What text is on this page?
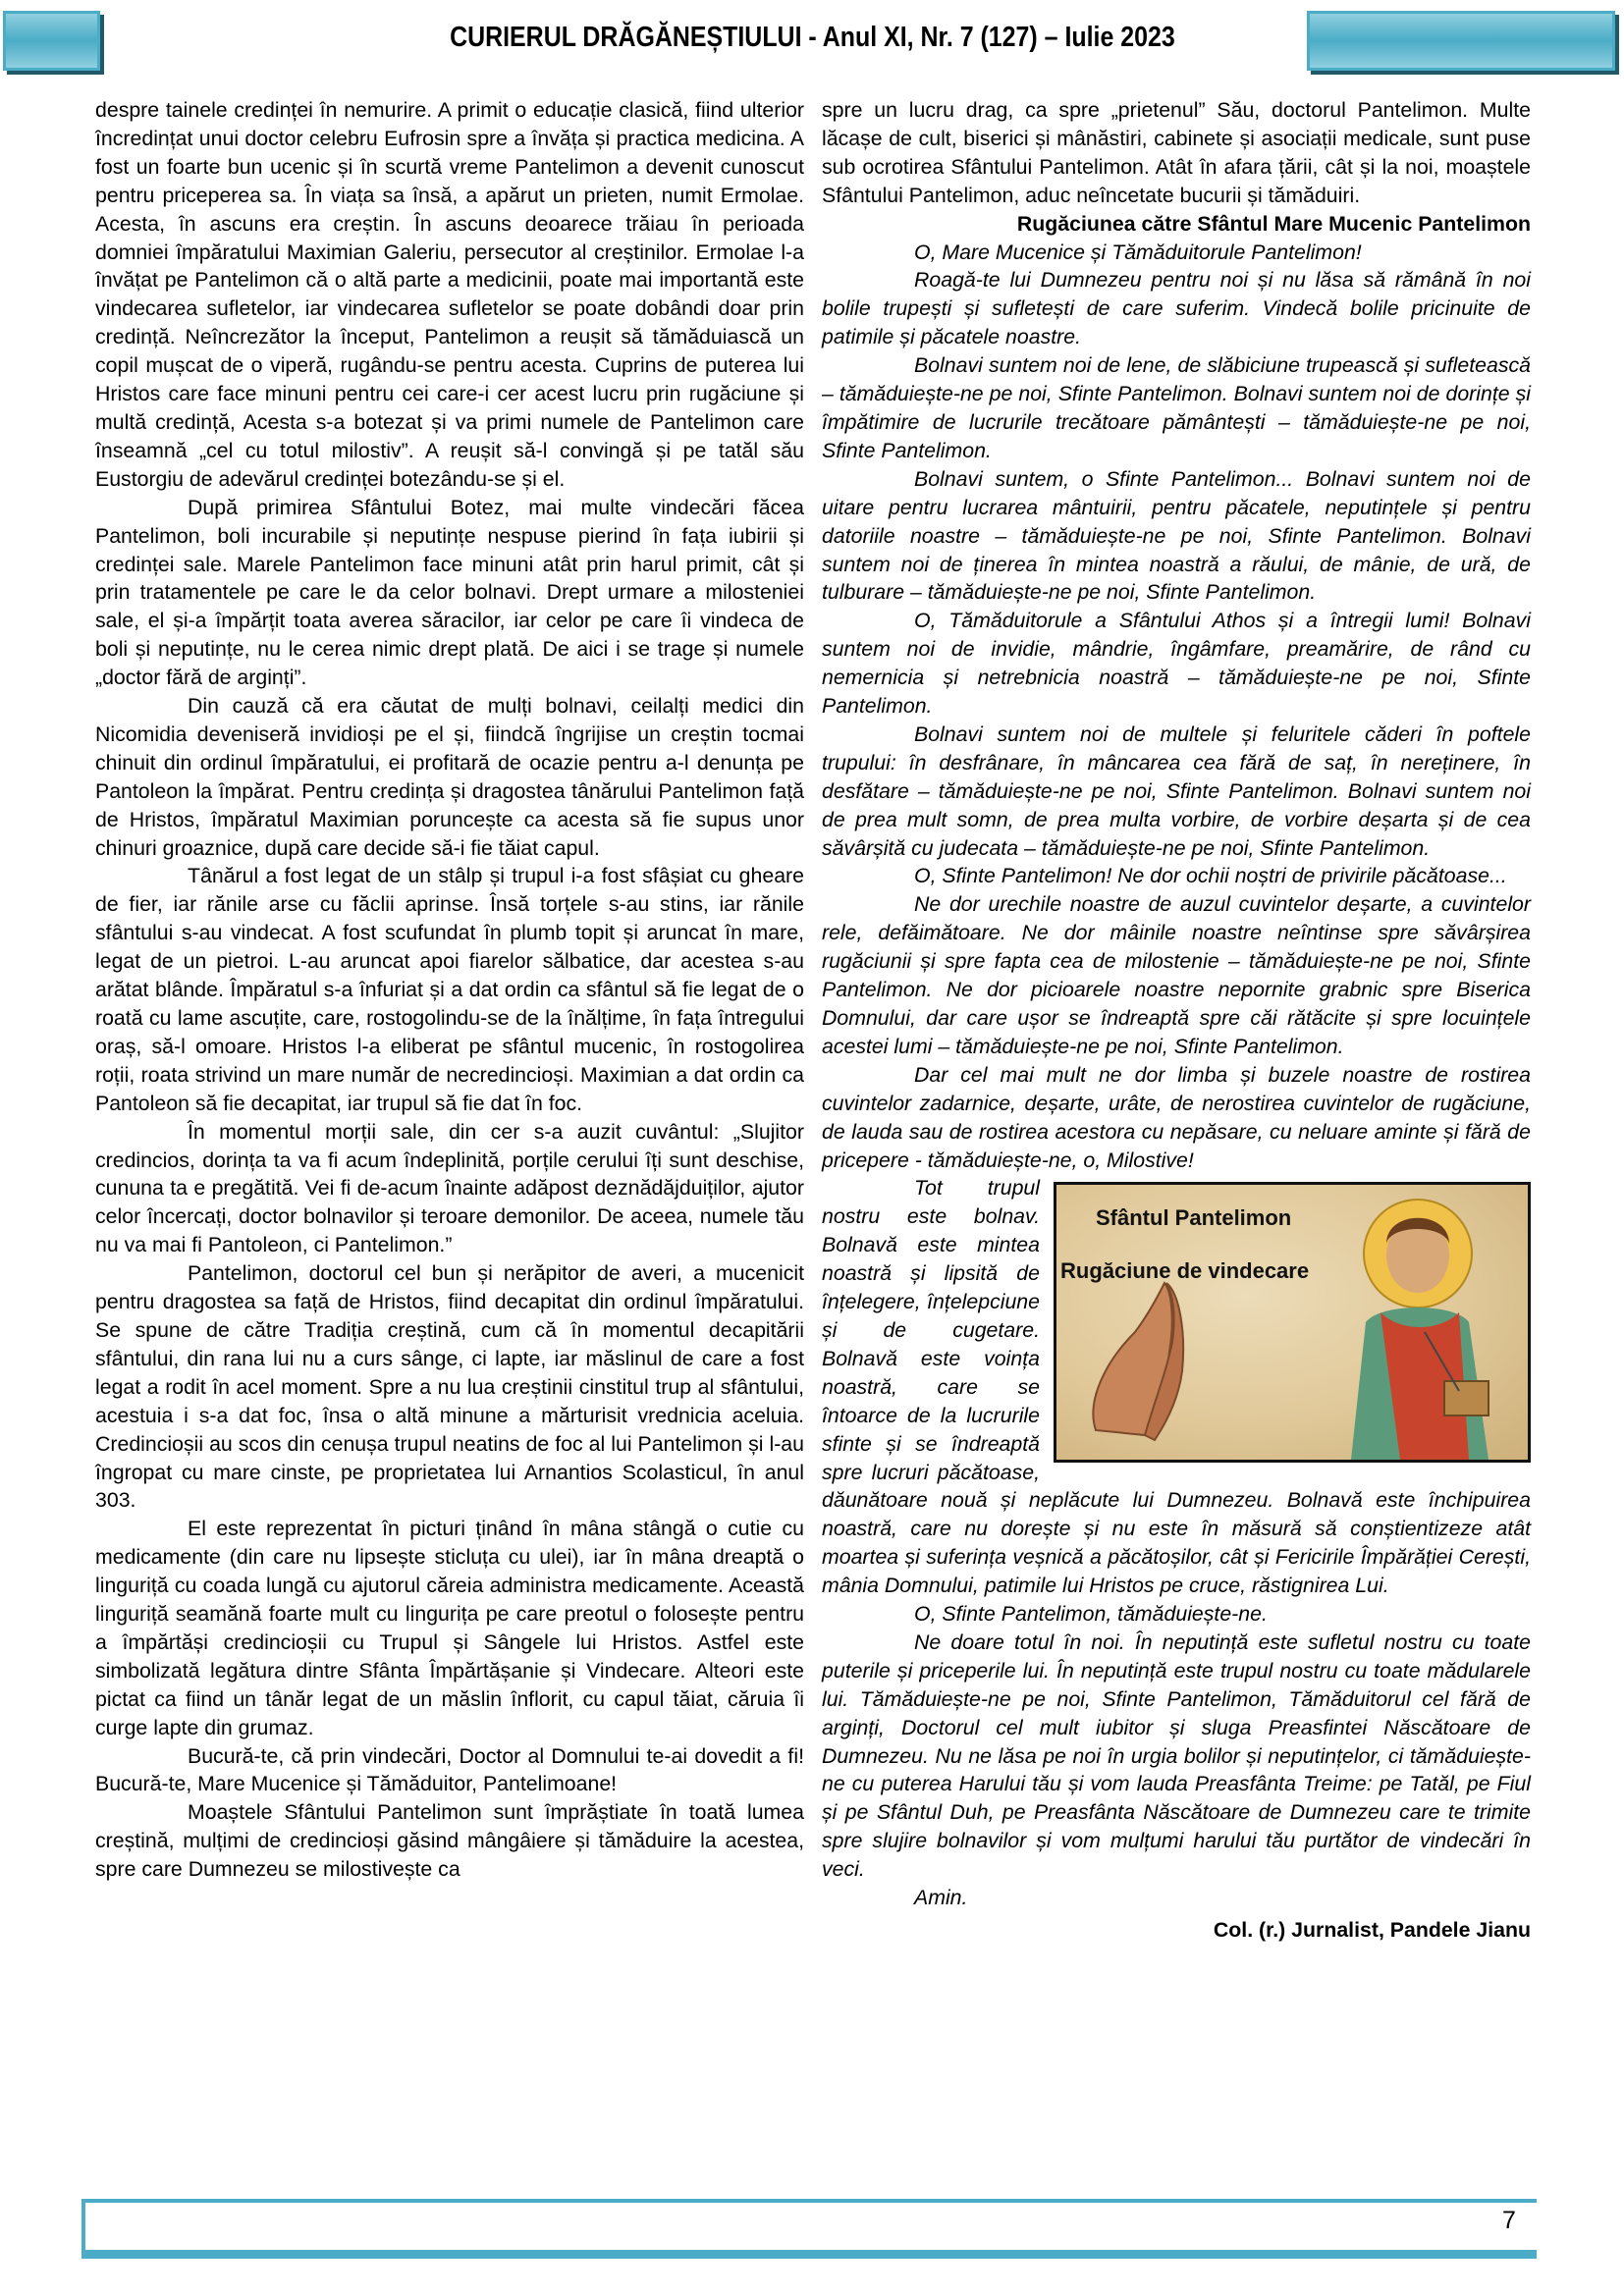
CURIERUL DRĂGĂNEȘTIULUI - Anul XI, Nr. 7 (127) – Iulie 2023

despre tainele credinței în nemurire. A primit o educație clasică, fiind ulterior încredințat unui doctor celebru Eufrosin spre a învăța și practica medicina. A fost un foarte bun ucenic și în scurtă vreme Pantelimon a devenit cunoscut pentru priceperea sa. În viața sa însă, a apărut un prieten, numit Ermolae. Acesta, în ascuns era creștin. În ascuns deoarece trăiau în perioada domniei împăratului Maximian Galeriu, persecutor al creștinilor. Ermolae l-a învățat pe Pantelimon că o altă parte a medicinii, poate mai importantă este vindecarea sufletelor, iar vindecarea sufletelor se poate dobândi doar prin credință. Neîncrezător la început, Pantelimon a reușit să tămăduiască un copil mușcat de o viperă, rugându-se pentru acesta. Cuprins de puterea lui Hristos care face minuni pentru cei care-i cer acest lucru prin rugăciune și multă credință, Acesta s-a botezat și va primi numele de Pantelimon care înseamnă „cel cu totul milostiv”. A reușit să-l convingă și pe tatăl său Eustorgiu de adevărul credinței botezându-se și el.

După primirea Sfântului Botez, mai multe vindecări făcea Pantelimon, boli incurabile și neputințe nespuse pierind în fața iubirii și credinței sale. Marele Pantelimon face minuni atât prin harul primit, cât și prin tratamentele pe care le da celor bolnavi. Drept urmare a milosteniei sale, el și-a împărțit toata averea săracilor, iar celor pe care îi vindeca de boli și neputințe, nu le cerea nimic drept plată. De aici i se trage și numele „doctor fără de arginți”.

Din cauză că era căutat de mulți bolnavi, ceilalți medici din Nicomidia deveniseră invidioși pe el și, fiindcă îngrijise un creștin tocmai chinuit din ordinul împăratului, ei profitară de ocazie pentru a-l denunța pe Pantoleon la împărat. Pentru credința și dragostea tânărului Pantelimon față de Hristos, împăratul Maximian poruncește ca acesta să fie supus unor chinuri groaznice, după care decide să-i fie tăiat capul.

Tânărul a fost legat de un stâlp și trupul i-a fost sfâșiat cu gheare de fier, iar rănile arse cu făclii aprinse. Însă torțele s-au stins, iar rănile sfântului s-au vindecat. A fost scufundat în plumb topit și aruncat în mare, legat de un pietroi. L-au aruncat apoi fiarelor sălbatice, dar acestea s-au arătat blânde. Împăratul s-a înfuriat și a dat ordin ca sfântul să fie legat de o roată cu lame ascuțite, care, rostogolindu-se de la înălțime, în fața întregului oraș, să-l omoare. Hristos l-a eliberat pe sfântul mucenic, în rostogolirea roții, roata strivind un mare număr de necredincioși. Maximian a dat ordin ca Pantoleon să fie decapitat, iar trupul să fie dat în foc.

În momentul morții sale, din cer s-a auzit cuvântul: „Slujitor credincios, dorința ta va fi acum îndeplinită, porțile cerului îți sunt deschise, cununa ta e pregătită. Vei fi de-acum înainte adăpost deznădăjduiților, ajutor celor încercați, doctor bolnavilor și teroare demonilor. De aceea, numele tău nu va mai fi Pantoleon, ci Pantelimon.”

Pantelimon, doctorul cel bun și nerăpitor de averi, a mucenicit pentru dragostea sa față de Hristos, fiind decapitat din ordinul împăratului. Se spune de către Tradiția creștină, cum că în momentul decapitării sfântului, din rana lui nu a curs sânge, ci lapte, iar măslinul de care a fost legat a rodit în acel moment. Spre a nu lua creștinii cinstitul trup al sfântului, acestuia i s-a dat foc, însa o altă minune a mărturisit vrednicia aceluia. Credincioșii au scos din cenușa trupul neatins de foc al lui Pantelimon și l-au îngropat cu mare cinste, pe proprietatea lui Arnantios Scolasticul, în anul 303.

El este reprezentat în picturi ținând în mâna stângă o cutie cu medicamente (din care nu lipsește sticluța cu ulei), iar în mâna dreaptă o linguriță cu coada lungă cu ajutorul căreia administra medicamente. Această linguriță seamănă foarte mult cu lingurița pe care preotul o folosește pentru a împărtăși credincioșii cu Trupul și Sângele lui Hristos. Astfel este simbolizată legătura dintre Sfânta Împărtășanie și Vindecare. Alteori este pictat ca fiind un tânăr legat de un măslin înflorit, cu capul tăiat, căruia îi curge lapte din grumaz.

Bucură-te, că prin vindecări, Doctor al Domnului te-ai dovedit a fi! Bucură-te, Mare Mucenice și Tămăduitor, Pantelimoane!

Moaștele Sfântului Pantelimon sunt împrăștiate în toată lumea creștină, mulțimi de credincioși găsind mângâiere și tămăduire la acestea, spre care Dumnezeu se milostivește ca

spre un lucru drag, ca spre „prietenul” Său, doctorul Pantelimon. Multe lăcașe de cult, biserici și mânăstiri, cabinete și asociații medicale, sunt puse sub ocrotirea Sfântului Pantelimon. Atât în afara țării, cât și la noi, moaștele Sfântului Pantelimon, aduc neîncetate bucurii și tămăduiri.

Rugăciunea către Sfântul Mare Mucenic Pantelimon

O, Mare Mucenice și Tămăduitorule Pantelimon!

Roagă-te lui Dumnezeu pentru noi și nu lăsa să rămână în noi bolile trupești și sufletești de care suferim. Vindecă bolile pricinuite de patimile și păcatele noastre.

Bolnavi suntem noi de lene, de slăbiciune trupească și sufletească – tămăduiește-ne pe noi, Sfinte Pantelimon. Bolnavi suntem noi de dorințe și împătimire de lucrurile trecătoare pământești – tămăduiește-ne pe noi, Sfinte Pantelimon.

Bolnavi suntem, o Sfinte Pantelimon... Bolnavi suntem noi de uitare pentru lucrarea mântuirii, pentru păcatele, neputințele și pentru datoriile noastre – tămăduiește-ne pe noi, Sfinte Pantelimon. Bolnavi suntem noi de ținerea în mintea noastră a răului, de mânie, de ură, de tulburare – tămăduiește-ne pe noi, Sfinte Pantelimon.

O, Tămăduitorule a Sfântului Athos și a întregii lumi! Bolnavi suntem noi de invidie, mândrie, îngâmfare, preamărire, de rând cu nemernicia și netrebnicia noastră – tămăduiește-ne pe noi, Sfinte Pantelimon.

Bolnavi suntem noi de multele și feluritele căderi în poftele trupului: în desfrânare, în mâncarea cea fără de saț, în nereținere, în desfătare – tămăduiește-ne pe noi, Sfinte Pantelimon. Bolnavi suntem noi de prea mult somn, de prea multa vorbire, de vorbire deșarta și de cea săvârșită cu judecata – tămăduiește-ne pe noi, Sfinte Pantelimon.

O, Sfinte Pantelimon! Ne dor ochii noștri de privirile păcătoase...

Ne dor urechile noastre de auzul cuvintelor deșarte, a cuvintelor rele, defăimătoare. Ne dor mâinile noastre neîntinse spre săvârșirea rugăciunii și spre fapta cea de milostenie – tămăduiește-ne pe noi, Sfinte Pantelimon. Ne dor picioarele noastre nepornite grabnic spre Biserica Domnului, dar care ușor se îndreaptă spre căi rătăcite și spre locuințele acestei lumi – tămăduiește-ne pe noi, Sfinte Pantelimon.

Dar cel mai mult ne dor limba și buzele noastre de rostirea cuvintelor zadarnice, deșarte, urâte, de nerostirea cuvintelor de rugăciune, de lauda sau de rostirea acestora cu nepăsare, cu neluare aminte și fără de pricepere - tămăduiește-ne, o, Milostive!

Sfântul Pantelimon
Rugăciune de vindecare

Tot trupul nostru este bolnav. Bolnavă este mintea noastră și lipsită de înțelegere, înțelepciune și de cugetare. Bolnavă este voința noastră, care se întoarce de la lucrurile sfinte și se îndreaptă spre lucruri păcătoase, dăunătoare nouă și neplăcute lui Dumnezeu. Bolnavă este închipuirea noastră, care nu dorește și nu este în măsură să conștientizeze atât moartea și suferința veșnică a păcătoșilor, cât și Fericirile Împărăției Cerești, mânia Domnului, patimile lui Hristos pe cruce, răstignirea Lui.

O, Sfinte Pantelimon, tămăduiește-ne.

Ne doare totul în noi. În neputință este sufletul nostru cu toate puterile și priceperile lui. În neputință este trupul nostru cu toate mădularele lui. Tămăduiește-ne pe noi, Sfinte Pantelimon, Tămăduitorul cel fără de arginți, Doctorul cel mult iubitor și sluga Preasfintei Născătoare de Dumnezeu. Nu ne lăsa pe noi în urgia bolilor și neputințelor, ci tămăduiește-ne cu puterea Harului tău și vom lauda Preasfânta Treime: pe Tatăl, pe Fiul și pe Sfântul Duh, pe Preasfânta Născătoare de Dumnezeu care te trimite spre slujire bolnavilor și vom mulțumi harului tău purtător de vindecări în veci.

Amin.

Col. (r.) Jurnalist, Pandele Jianu

7
